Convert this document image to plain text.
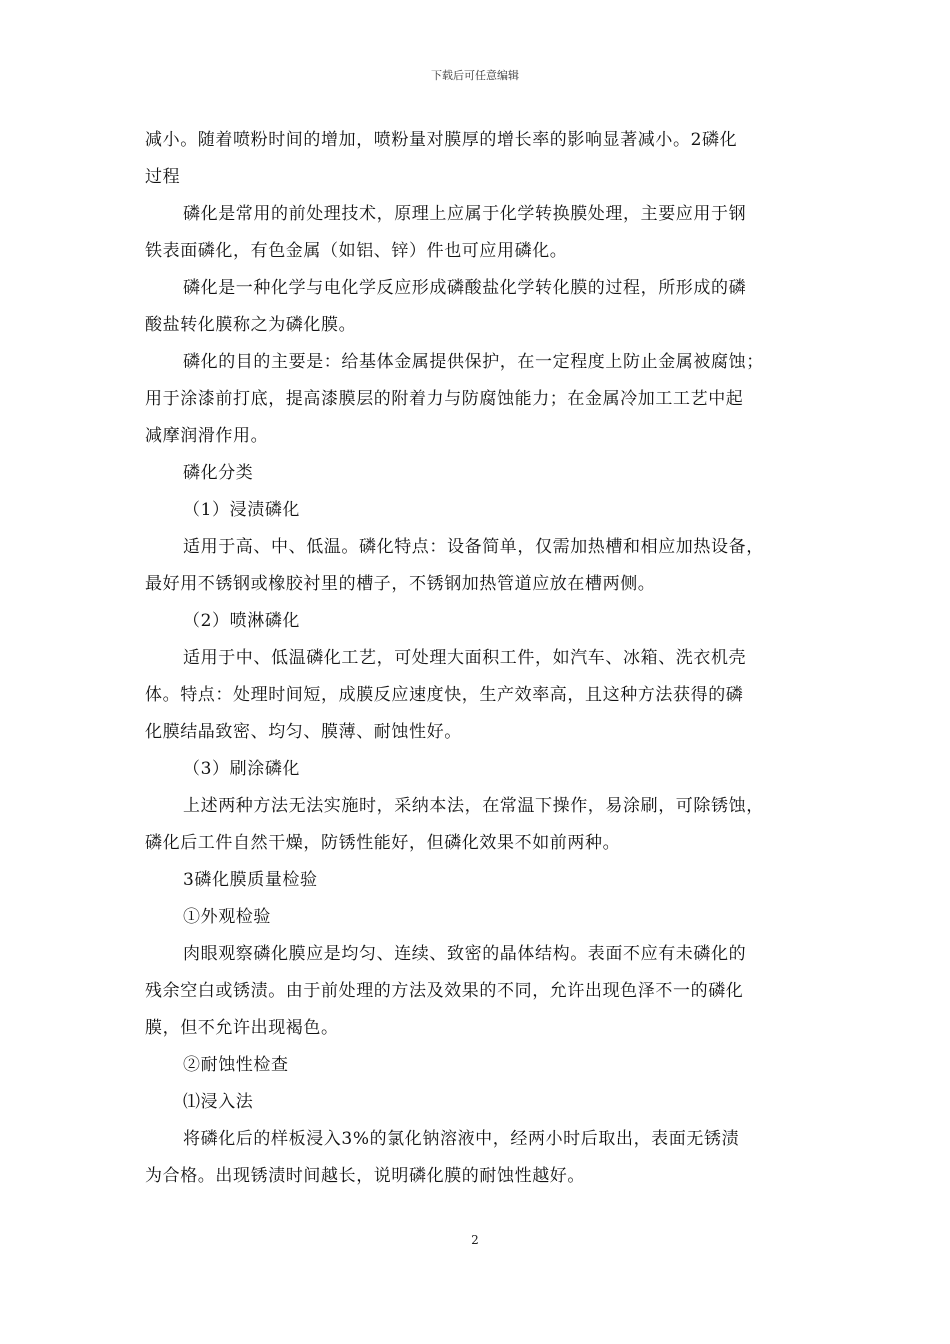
下载后可任意编辑
减小。随着喷粉时间的增加，喷粉量对膜厚的增长率的影响显著减小。2磷化
过程
磷化是常用的前处理技术，原理上应属于化学转换膜处理，主要应用于钢
铁表面磷化，有色金属（如铝、锌）件也可应用磷化。
磷化是一种化学与电化学反应形成磷酸盐化学转化膜的过程，所形成的磷
酸盐转化膜称之为磷化膜。
磷化的目的主要是：给基体金属提供保护，在一定程度上防止金属被腐蚀；
用于涂漆前打底，提高漆膜层的附着力与防腐蚀能力；在金属冷加工工艺中起
减摩润滑作用。
磷化分类
（1）浸渍磷化
适用于高、中、低温。磷化特点：设备简单，仅需加热槽和相应加热设备，
最好用不锈钢或橡胶衬里的槽子，不锈钢加热管道应放在槽两侧。
（2）喷淋磷化
适用于中、低温磷化工艺，可处理大面积工件，如汽车、冰箱、洗衣机壳
体。特点：处理时间短，成膜反应速度快，生产效率高，且这种方法获得的磷
化膜结晶致密、均匀、膜薄、耐蚀性好。
（3）刷涂磷化
上述两种方法无法实施时，采纳本法，在常温下操作，易涂刷，可除锈蚀，
磷化后工件自然干燥，防锈性能好，但磷化效果不如前两种。
3磷化膜质量检验
①外观检验
肉眼观察磷化膜应是均匀、连续、致密的晶体结构。表面不应有未磷化的
残余空白或锈渍。由于前处理的方法及效果的不同，允许出现色泽不一的磷化
膜，但不允许出现褐色。
②耐蚀性检查
⑴浸入法
将磷化后的样板浸入3%的氯化钠溶液中，经两小时后取出，表面无锈渍
为合格。出现锈渍时间越长，说明磷化膜的耐蚀性越好。
2
